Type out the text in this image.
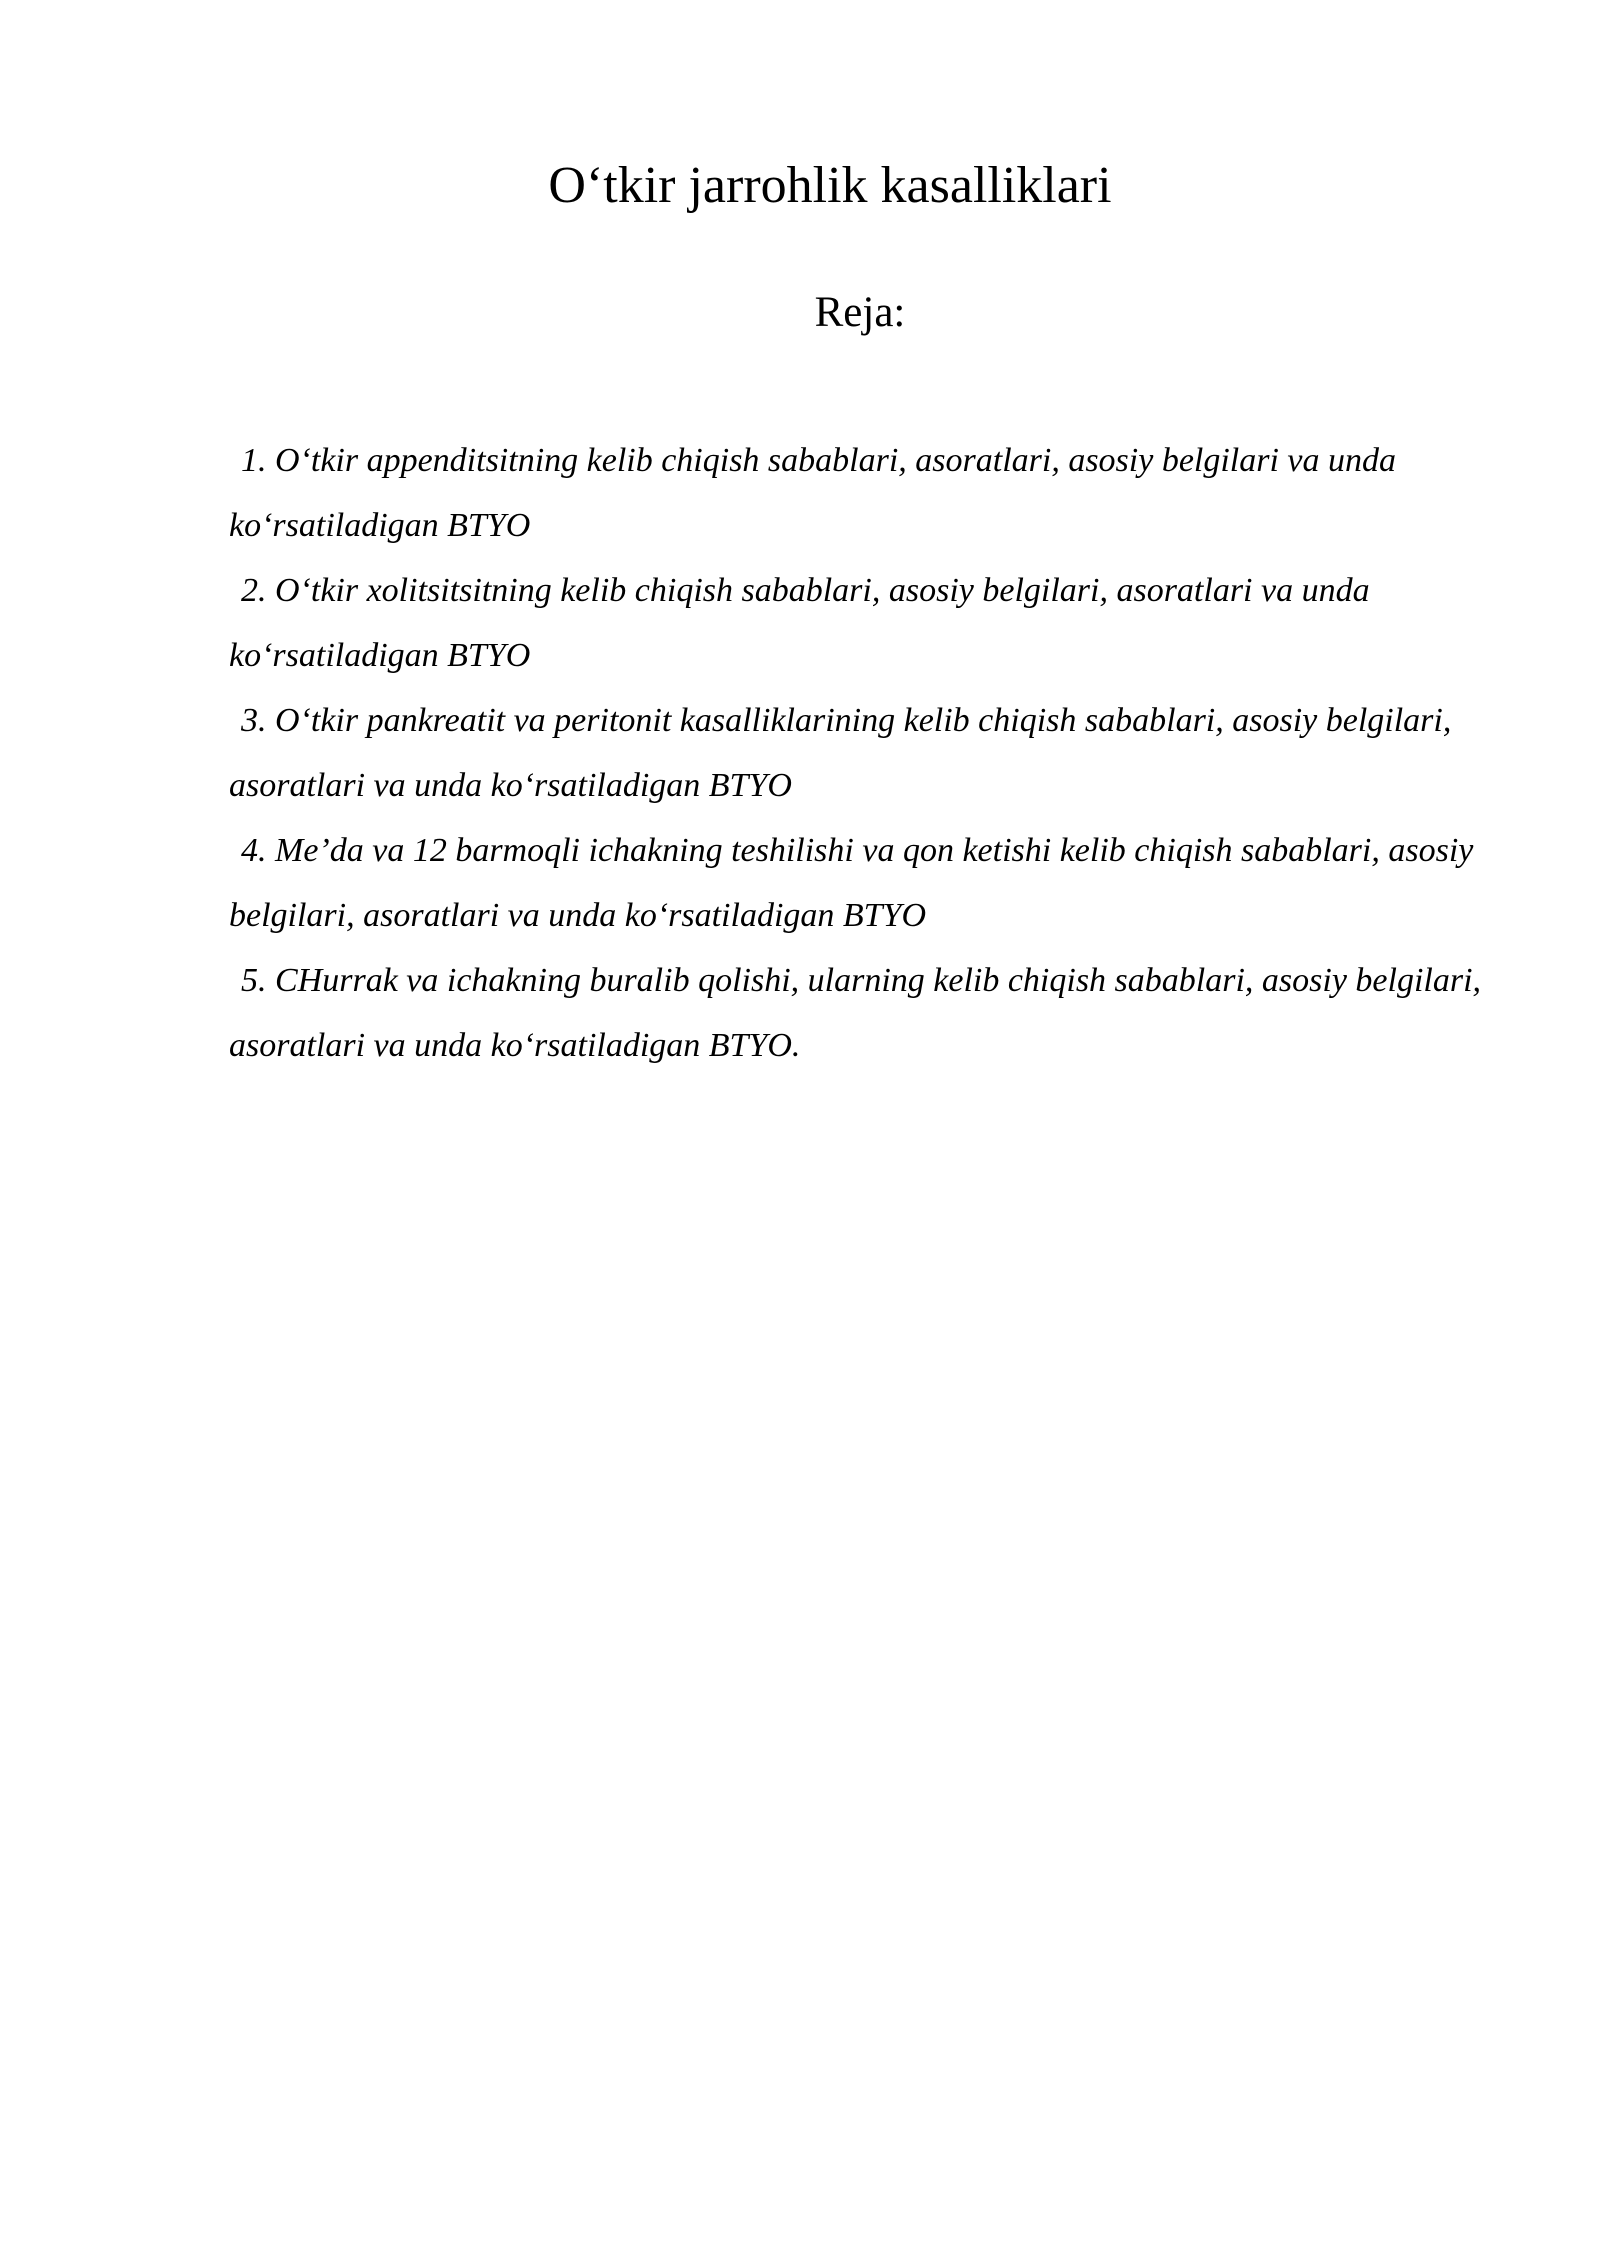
O‘tkir jarrohlik kasalliklari
Reja:
1. O‘tkir appenditsitning kelib chiqish sabablari, asoratlari, asosiy belgilari va unda ko‘rsatiladigan BTYO
2. O‘tkir xolitsitsitning kelib chiqish sabablari, asosiy belgilari, asoratlari va unda ko‘rsatiladigan BTYO
3. O‘tkir pankreatit va peritonit kasalliklarining kelib chiqish sabablari, asosiy belgilari, asoratlari va unda ko‘rsatiladigan BTYO
4. Me’da va 12 barmoqli ichakning teshilishi va qon ketishi kelib chiqish sabablari, asosiy belgilari, asoratlari va unda ko‘rsatiladigan BTYO
5. CHurrak va ichakning buralib qolishi, ularning kelib chiqish sabablari, asosiy belgilari, asoratlari va unda ko‘rsatiladigan BTYO.
